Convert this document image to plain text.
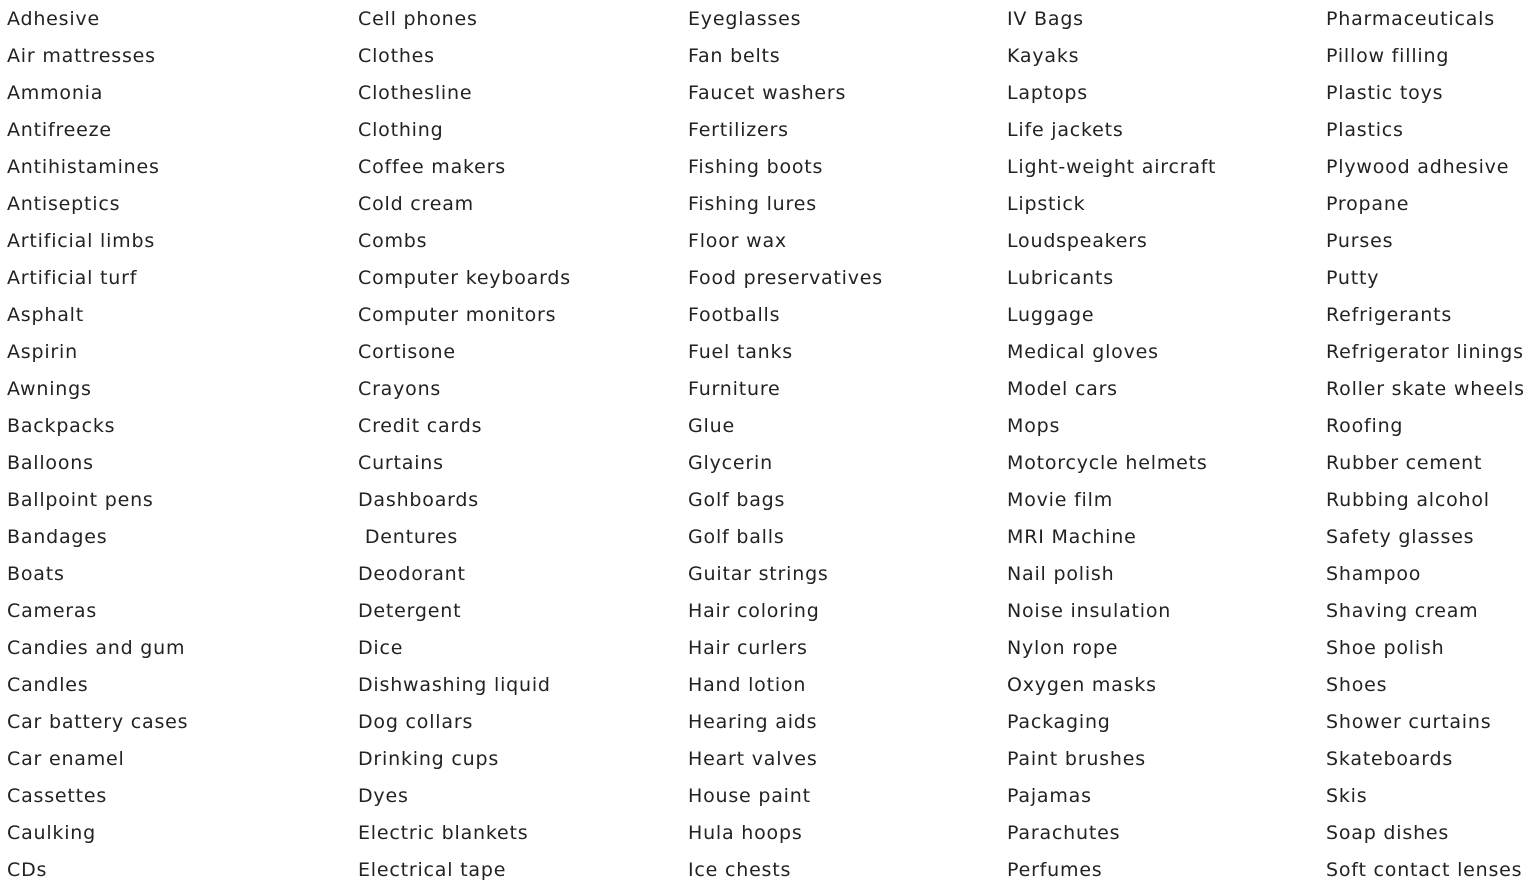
Adhesive
Air mattresses
Ammonia
Antifreeze
Antihistamines
Antiseptics
Artificial limbs
Artificial turf
Asphalt
Aspirin
Awnings
Backpacks
Balloons
Ballpoint pens
Bandages
Boats
Cameras
Candies and gum
Candles
Car battery cases
Car enamel
Cassettes
Caulking
CDs
Cell phones
Clothes
Clothesline
Clothing
Coffee makers
Cold cream
Combs
Computer keyboards
Computer monitors
Cortisone
Crayons
Credit cards
Curtains
Dashboards
Dentures
Deodorant
Detergent
Dice
Dishwashing liquid
Dog collars
Drinking cups
Dyes
Electric blankets
Electrical tape
Eyeglasses
Fan belts
Faucet washers
Fertilizers
Fishing boots
Fishing lures
Floor wax
Food preservatives
Footballs
Fuel tanks
Furniture
Glue
Glycerin
Golf bags
Golf balls
Guitar strings
Hair coloring
Hair curlers
Hand lotion
Hearing aids
Heart valves
House paint
Hula hoops
Ice chests
IV Bags
Kayaks
Laptops
Life jackets
Light-weight aircraft
Lipstick
Loudspeakers
Lubricants
Luggage
Medical gloves
Model cars
Mops
Motorcycle helmets
Movie film
MRI Machine
Nail polish
Noise insulation
Nylon rope
Oxygen masks
Packaging
Paint brushes
Pajamas
Parachutes
Perfumes
Pharmaceuticals
Pillow filling
Plastic toys
Plastics
Plywood adhesive
Propane
Purses
Putty
Refrigerants
Refrigerator linings
Roller skate wheels
Roofing
Rubber cement
Rubbing alcohol
Safety glasses
Shampoo
Shaving cream
Shoe polish
Shoes
Shower curtains
Skateboards
Skis
Soap dishes
Soft contact lenses
